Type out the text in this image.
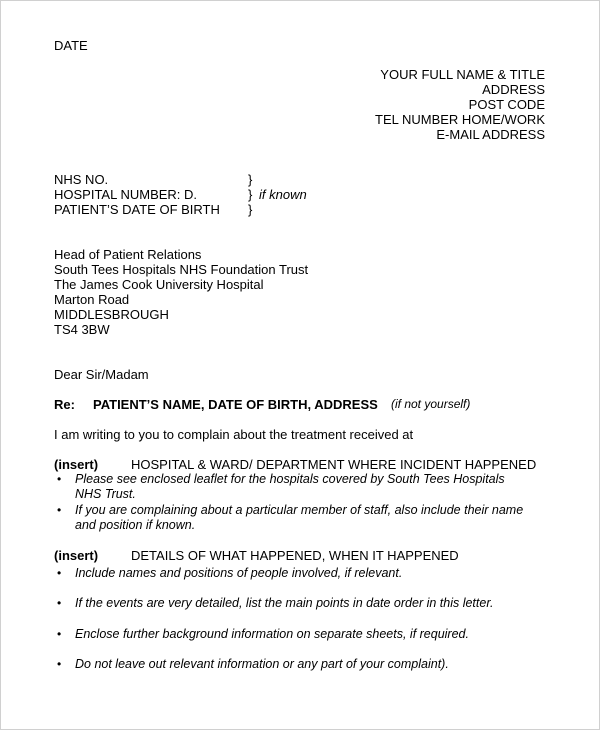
DATE
YOUR FULL NAME & TITLE
ADDRESS
POST CODE
TEL NUMBER HOME/WORK
E-MAIL ADDRESS
NHS NO.	}
HOSPITAL NUMBER: D.	} if known
PATIENT’S DATE OF BIRTH }
Head of Patient Relations
South Tees Hospitals NHS Foundation Trust
The James Cook University Hospital
Marton Road
MIDDLESBROUGH
TS4 3BW
Dear Sir/Madam
Re: PATIENT’S NAME, DATE OF BIRTH, ADDRESS (if not yourself)
I am writing to you to complain about the treatment received at
(insert)	HOSPITAL & WARD/ DEPARTMENT WHERE INCIDENT HAPPENED
• Please see enclosed leaflet for the hospitals covered by South Tees Hospitals
NHS Trust.
• If you are complaining about a particular member of staff, also include their name
and position if known.
(insert)	DETAILS OF WHAT HAPPENED, WHEN IT HAPPENED
• Include names and positions of people involved, if relevant.
• If the events are very detailed, list the main points in date order in this letter.
• Enclose further background information on separate sheets, if required.
• Do not leave out relevant information or any part of your complaint).
